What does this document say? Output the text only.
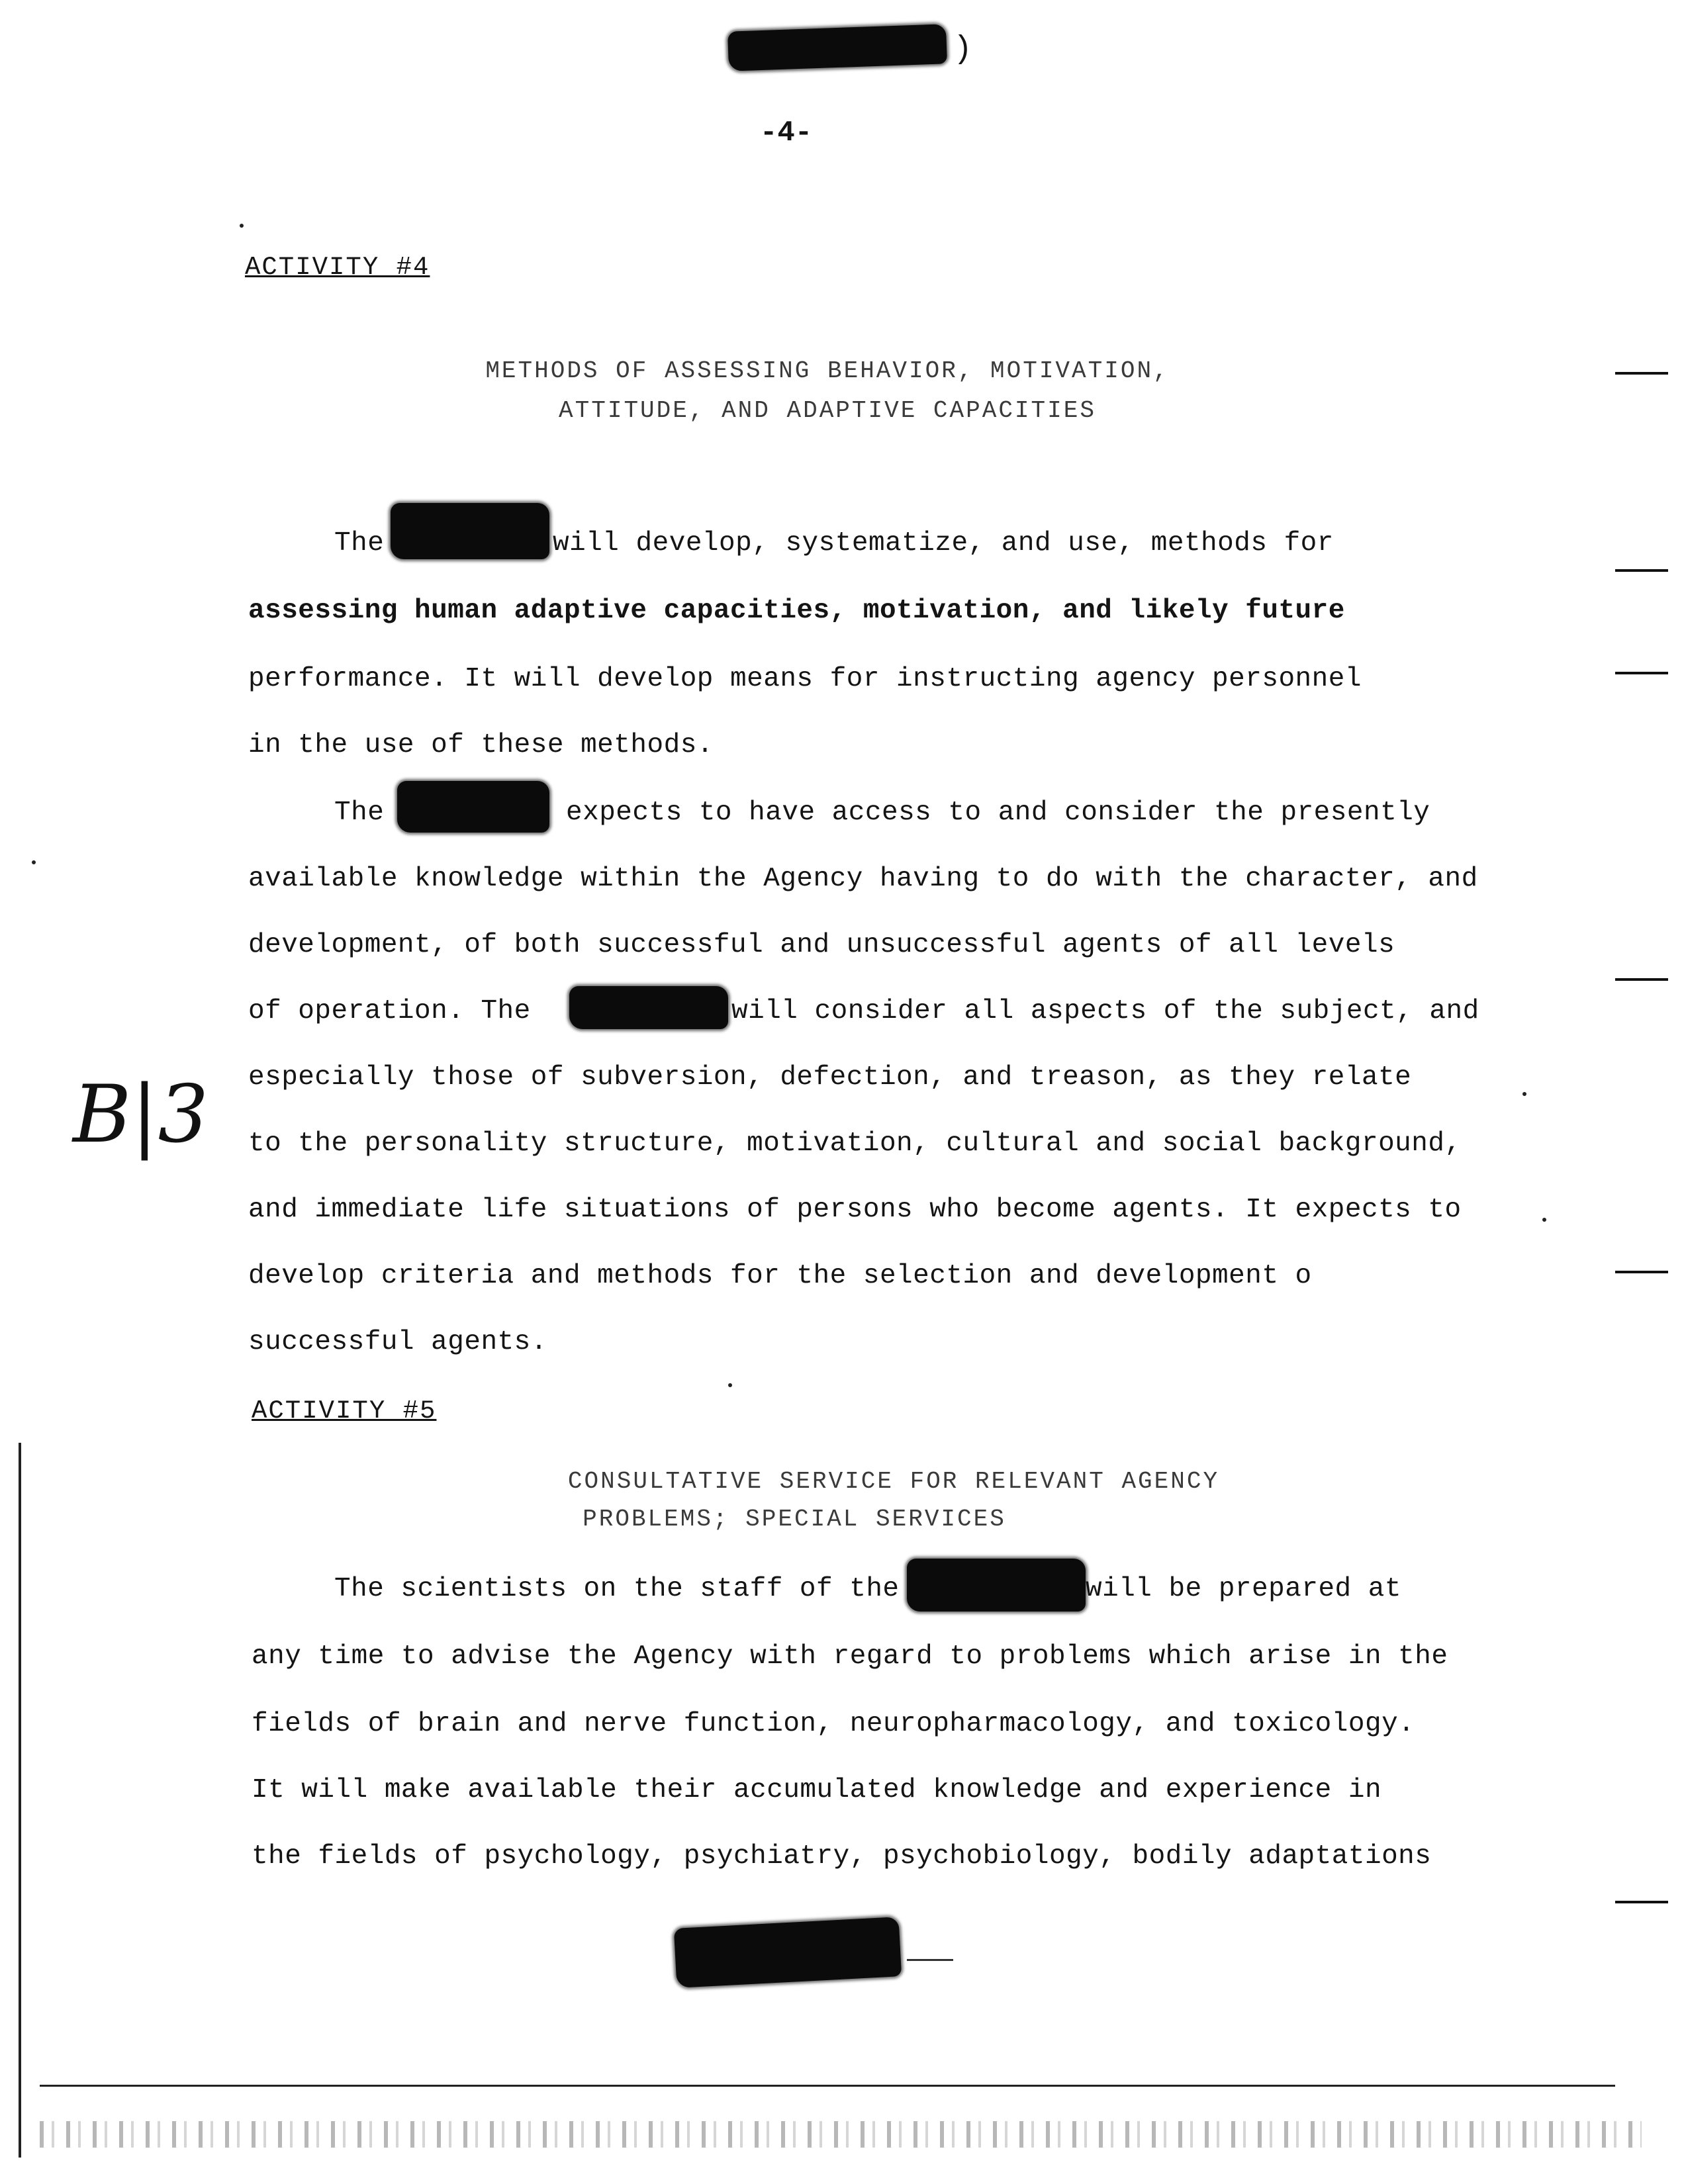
)
-4-
ACTIVITY #4
METHODS OF ASSESSING BEHAVIOR, MOTIVATION,
ATTITUDE, AND ADAPTIVE CAPACITIES
The	will develop, systematize, and use, methods for
assessing human adaptive capacities, motivation, and likely future
performance. It will develop means for instructing agency personnel
in the use of these methods.
The	expects to have access to and consider the presently
available knowledge within the Agency having to do with the character, and
development, of both successful and unsuccessful agents of all levels
of operation. The	will consider all aspects of the subject, and
especially those of subversion, defection, and treason, as they relate
to the personality structure, motivation, cultural and social background,
and immediate life situations of persons who become agents. It expects to
develop criteria and methods for the selection and development o
successful agents.
B|3
ACTIVITY #5
CONSULTATIVE SERVICE FOR RELEVANT AGENCY
PROBLEMS; SPECIAL SERVICES
The scientists on the staff of the	will be prepared at
any time to advise the Agency with regard to problems which arise in the
fields of brain and nerve function, neuropharmacology, and toxicology.
It will make available their accumulated knowledge and experience in
the fields of psychology, psychiatry, psychobiology, bodily adaptations
